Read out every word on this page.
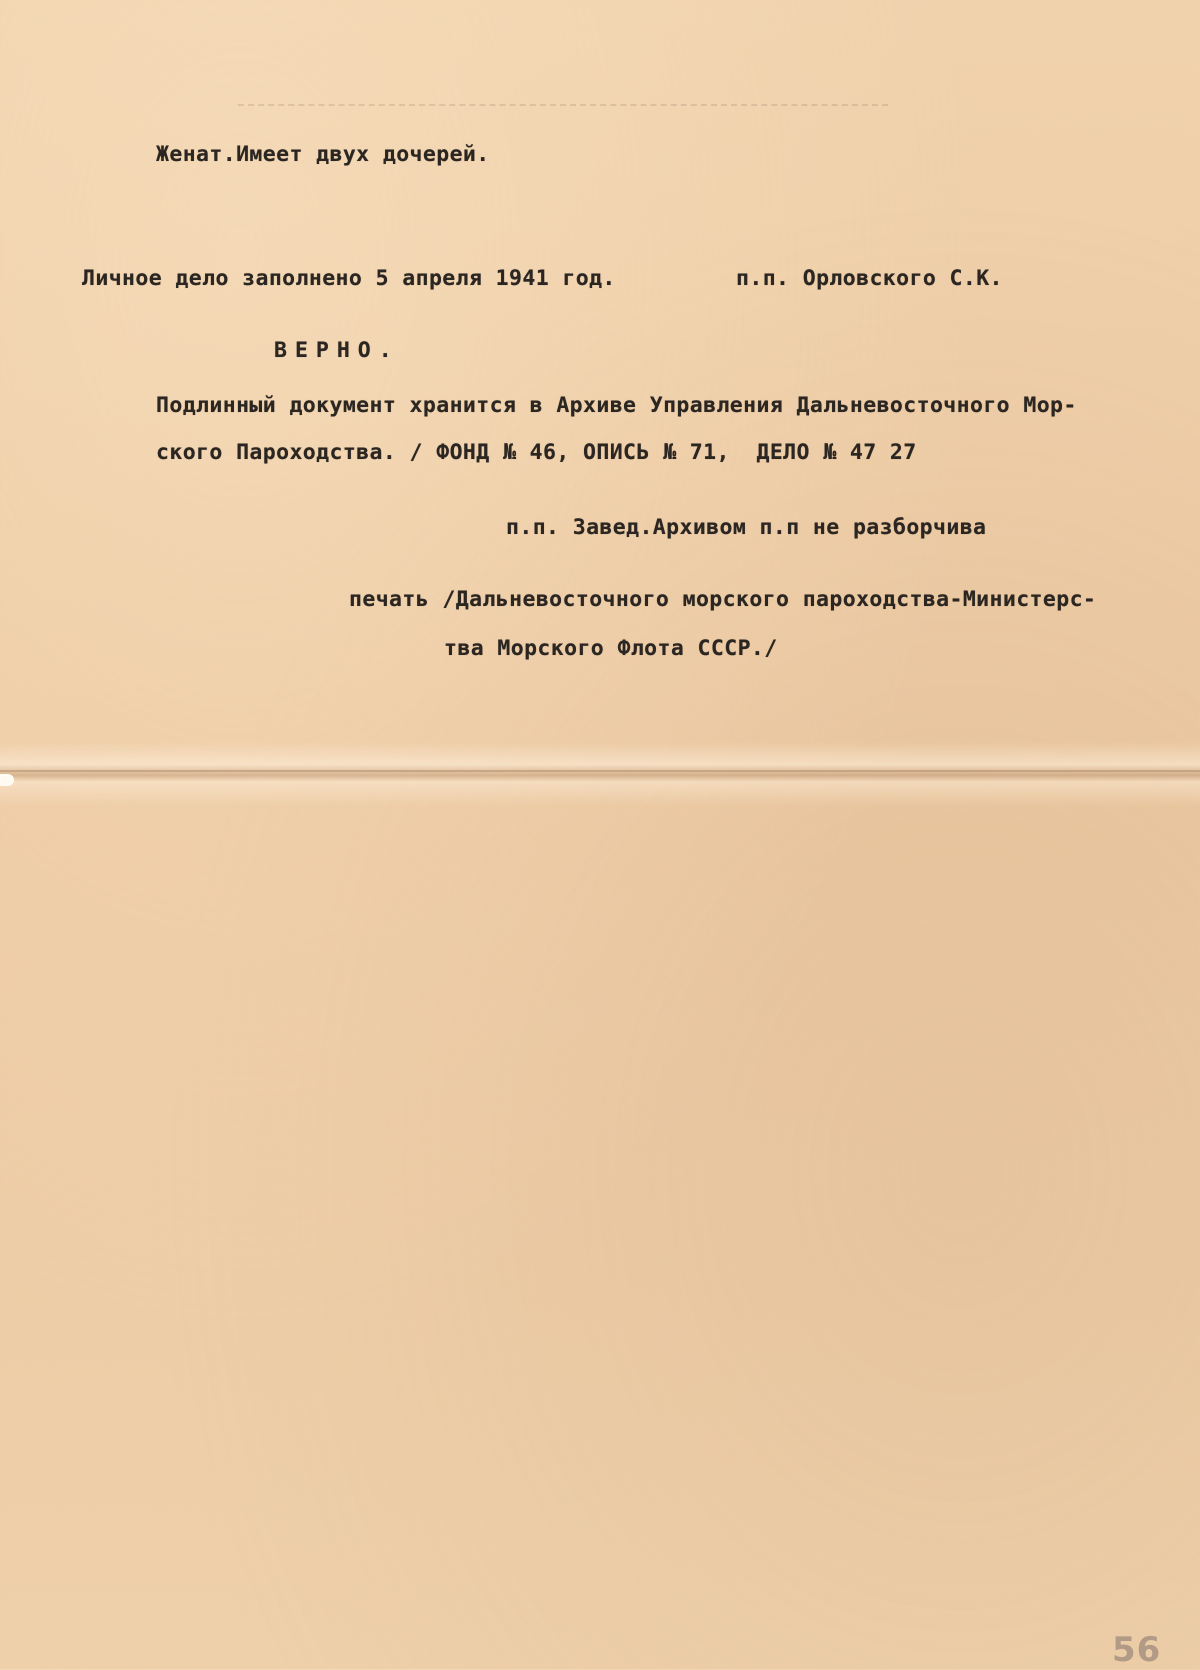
Женат.Имеет двух дочерей.
Личное дело заполнено 5 апреля 1941 год.	п.п. Орловского С.К.
ВЕРНО.
Подлинный документ хранится в Архиве Управления Дальневосточного Мор-
ского Пароходства. / ФОНД № 46, ОПИСЬ № 71,  ДЕЛО № 47 27
п.п. Завед.Архивом п.п не разборчива
печать /Дальневосточного морского пароходства-Министерс-
тва Морского Флота СССР./
56
